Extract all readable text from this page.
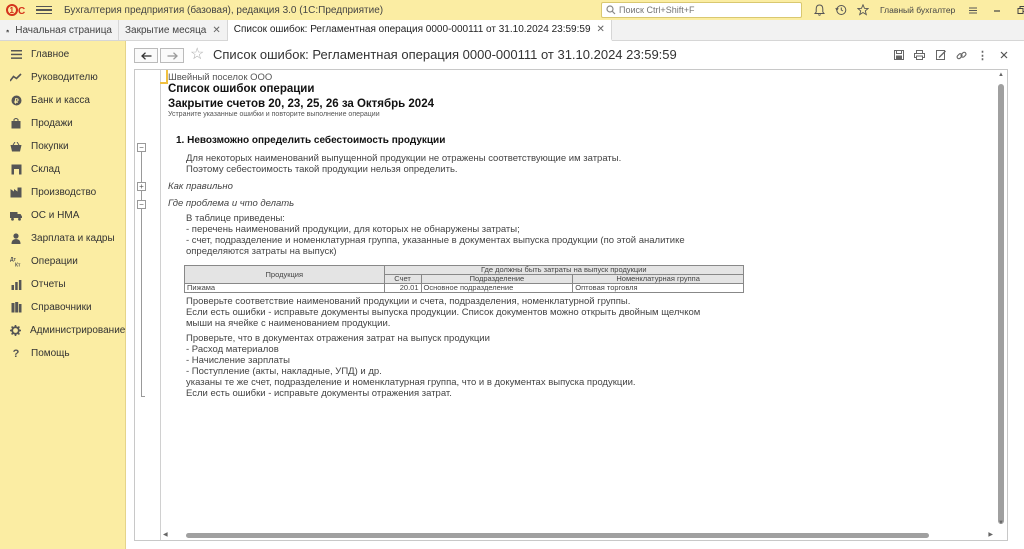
1 С	Бухгалтерия предприятия (базовая), редакция 3.0 (1С:Предприятие)
Поиск Ctrl+Shift+F	Главный бухгалтер
Начальная страница Закрытие месяца ✕ Список ошибок: Регламентная операция 0000-000111 от 31.10.2024 23:59:59 ✕
Главное
Руководителю
₽ Банк и касса
Продажи
Покупки
Склад
Производство
ОС и НМА
Зарплата и кадры
Дт
Кт Операции
Отчеты
Справочники
Администрирование
? Помощь
☆ Список ошибок: Регламентная операция 0000-000111 от 31.10.2024 23:59:59	⋮
−
+
−
Швейный поселок ООО
Список ошибок операции
Закрытие счетов 20, 23, 25, 26 за Октябрь 2024
Устраните указанные ошибки и повторите выполнение операции
1. Невозможно определить себестоимость продукции
Для некоторых наименований выпущенной продукции не отражены соответствующие им затраты.
Поэтому себестоимость такой продукции нельзя определить.
Как правильно
Где проблема и что делать
В таблице приведены:
- перечень наименований продукции, для которых не обнаружены затраты;
- счет, подразделение и номенклатурная группа, указанные в документах выпуска продукции (по этой аналитике
определяются затраты на выпуск)
Продукция	Где должны быть затраты на выпуск продукции		
	Счет	Подразделение	Номенклатурная группа
Пижама	20.01	Основное подразделение	Оптовая торговля
Проверьте соответствие наименований продукции и счета, подразделения, номенклатурной группы.
Если есть ошибки - исправьте документы выпуска продукции. Список документов можно открыть двойным щелчком
мыши на ячейке с наименованием продукции.
Проверьте, что в документах отражения затрат на выпуск продукции
- Расход материалов
- Начисление зарплаты
- Поступление (акты, накладные, УПД) и др.
указаны те же счет, подразделение и номенклатурная группа, что и в документах выпуска продукции.
Если есть ошибки - исправьте документы отражения затрат.
▲
▼
◀	▶
